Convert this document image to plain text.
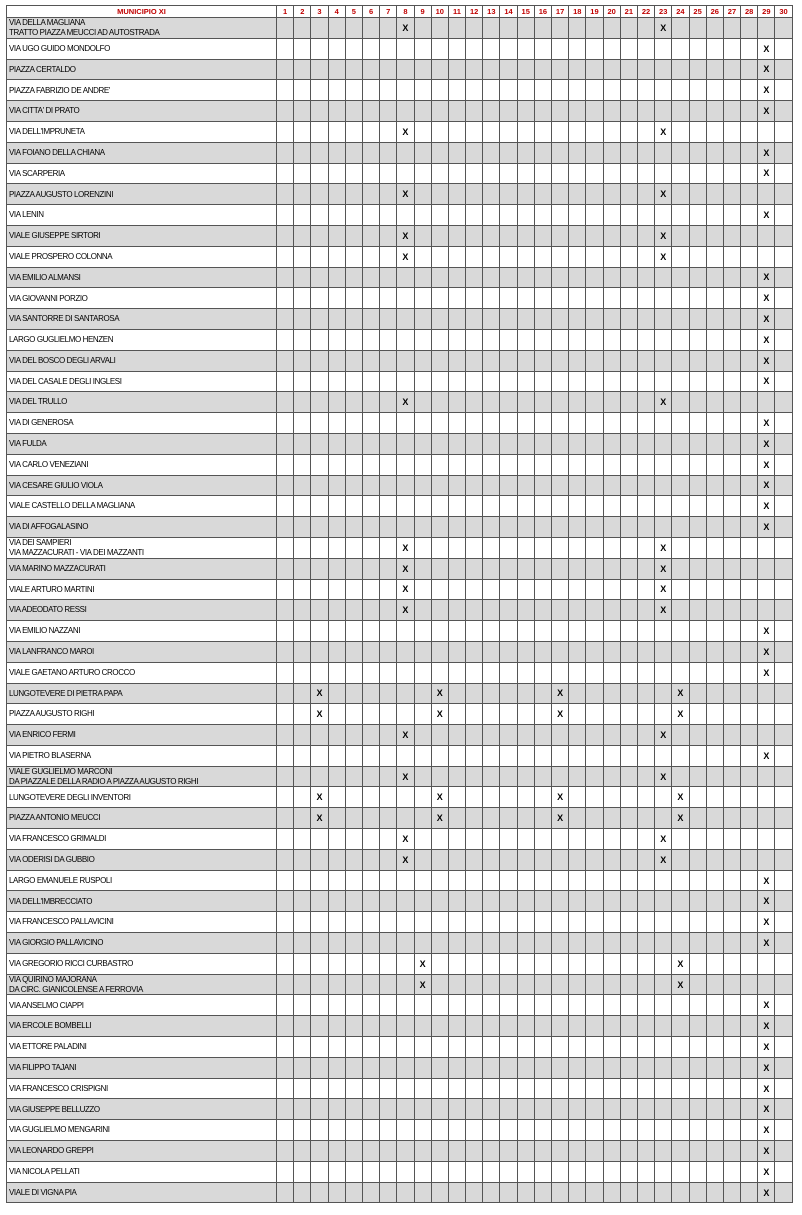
MUNICIPIO XI	1	2	3	4	5	6	7	8	9	10	11	12	13	14	15	16	17	18	19	20	21	22	23	24	25	26	27	28	29	30
VIA DELLA MAGLIANA
TRATTO PIAZZA MEUCCI AD AUTOSTRADA								X															X							
VIA UGO GUIDO MONDOLFO																													X	
PIAZZA CERTALDO																													X	
PIAZZA FABRIZIO DE ANDRE'																													X	
VIA CITTA' DI PRATO																													X	
VIA DELL'IMPRUNETA								X															X							
VIA FOIANO DELLA CHIANA																													X	
VIA SCARPERIA																													X	
PIAZZA AUGUSTO LORENZINI								X															X							
VIA LENIN																													X	
VIALE GIUSEPPE SIRTORI								X															X							
VIALE PROSPERO COLONNA								X															X							
VIA EMILIO ALMANSI																													X	
VIA GIOVANNI PORZIO																													X	
VIA SANTORRE DI SANTAROSA																													X	
LARGO GUGLIELMO HENZEN																													X	
VIA DEL BOSCO DEGLI ARVALI																													X	
VIA DEL CASALE DEGLI INGLESI																													X	
VIA DEL TRULLO								X															X							
VIA DI GENEROSA																													X	
VIA FULDA																													X	
VIA CARLO VENEZIANI																													X	
VIA CESARE GIULIO VIOLA																													X	
VIALE CASTELLO DELLA MAGLIANA																													X	
VIA DI AFFOGALASINO																													X	
VIA DEI SAMPIERI
VIA MAZZACURATI - VIA DEI MAZZANTI								X															X							
VIA MARINO MAZZACURATI								X															X							
VIALE ARTURO MARTINI								X															X							
VIA ADEODATO RESSI								X															X							
VIA EMILIO NAZZANI																													X	
VIA LANFRANCO MAROI																													X	
VIALE GAETANO ARTURO CROCCO																													X	
LUNGOTEVERE DI PIETRA PAPA			X							X							X							X						
PIAZZA AUGUSTO RIGHI			X							X							X							X						
VIA ENRICO FERMI								X															X							
VIA PIETRO BLASERNA																													X	
VIALE GUGLIELMO MARCONI
DA PIAZZALE DELLA RADIO A PIAZZA AUGUSTO RIGHI								X															X							
LUNGOTEVERE DEGLI INVENTORI			X							X							X							X						
PIAZZA ANTONIO MEUCCI			X							X							X							X						
VIA FRANCESCO GRIMALDI								X															X							
VIA ODERISI DA GUBBIO								X															X							
LARGO EMANUELE RUSPOLI																													X	
VIA DELL'IMBRECCIATO																													X	
VIA FRANCESCO PALLAVICINI																													X	
VIA GIORGIO PALLAVICINO																													X	
VIA GREGORIO RICCI CURBASTRO									X															X						
VIA QUIRINO MAJORANA
DA CIRC. GIANICOLENSE A FERROVIA									X															X						
VIA ANSELMO CIAPPI																													X	
VIA ERCOLE BOMBELLI																													X	
VIA ETTORE PALADINI																													X	
VIA FILIPPO TAJANI																													X	
VIA FRANCESCO CRISPIGNI																													X	
VIA GIUSEPPE BELLUZZO																													X	
VIA GUGLIELMO MENGARINI																													X	
VIA LEONARDO GREPPI																													X	
VIA NICOLA PELLATI																													X	
VIALE DI VIGNA PIA																													X	
